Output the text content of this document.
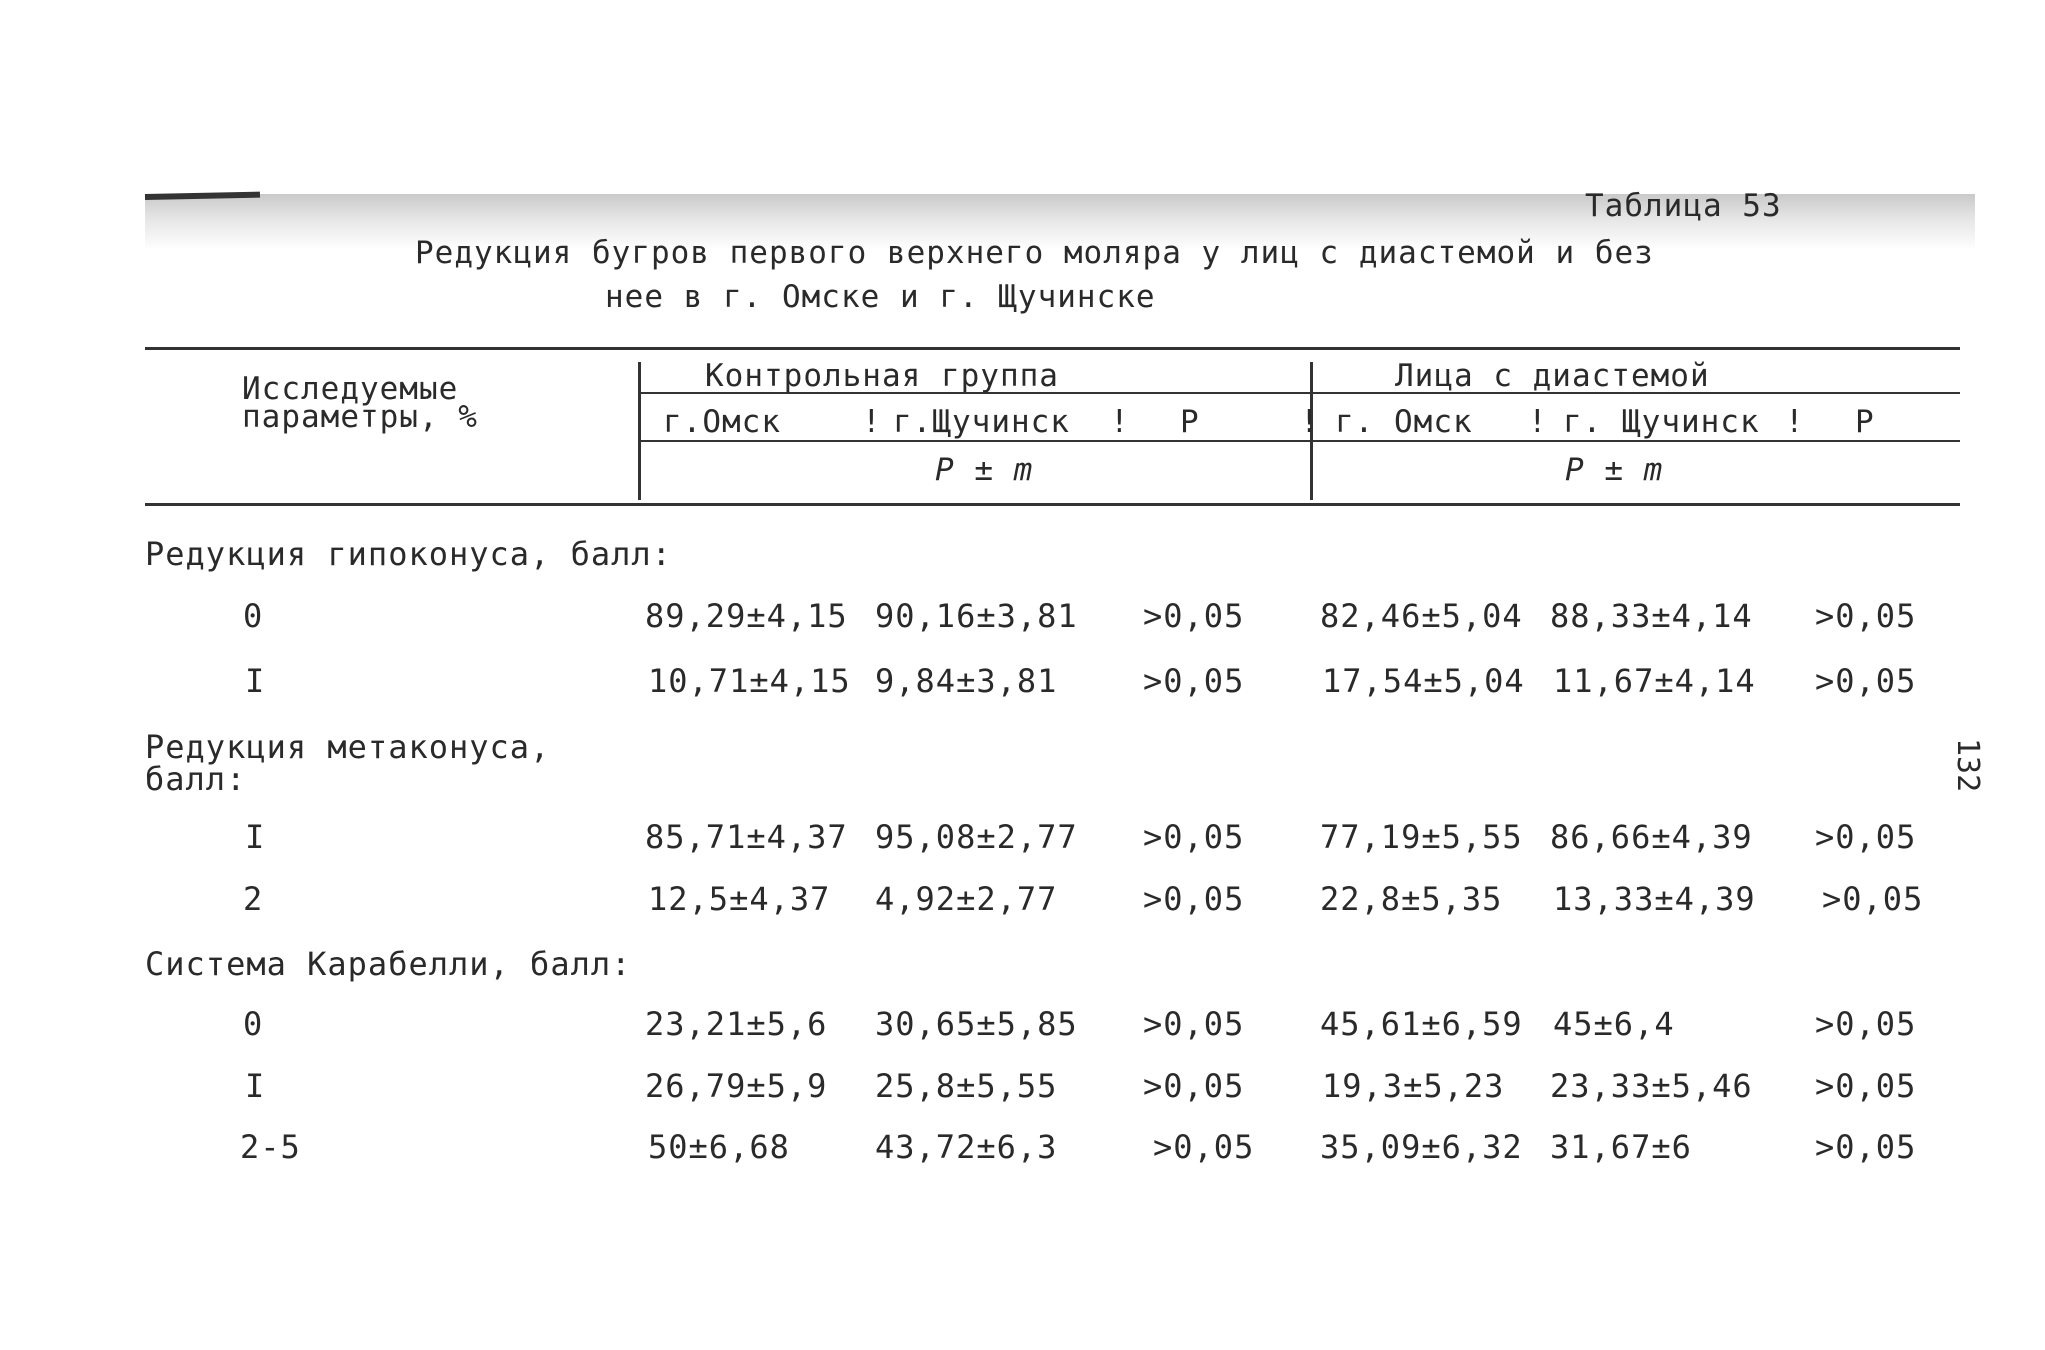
Таблица 53
Редукция бугров первого верхнего моляра у лиц с диастемой и без
нее в г. Омске и г. Щучинске
Исследуемые параметры, %
Контрольная группа	Лица с диастемой
г.Омск	! г.Щучинск ! Р	! г. Омск ! г. Щучинск ! Р
Р ± m	Р ± m
Редукция гипоконуса, балл:
0	89,29±4,15 90,16±3,81 >0,05 82,46±5,04 88,33±4,14 >0,05
I	10,71±4,15 9,84±3,81	>0,05 17,54±5,04 11,67±4,14 >0,05
Редукция метаконуса,
балл:
I	85,71±4,37 95,08±2,77 >0,05 77,19±5,55 86,66±4,39 >0,05
2	12,5±4,37 4,92±2,77	>0,05 22,8±5,35 13,33±4,39 >0,05
Система Карабелли, балл:
0	23,21±5,6 30,65±5,85 >0,05 45,61±6,59 45±6,4	>0,05
I	26,79±5,9 25,8±5,55	>0,05 19,3±5,23 23,33±5,46 >0,05
2-5	50±6,68	43,72±6,3	>0,05 35,09±6,32 31,67±6	>0,05
132
